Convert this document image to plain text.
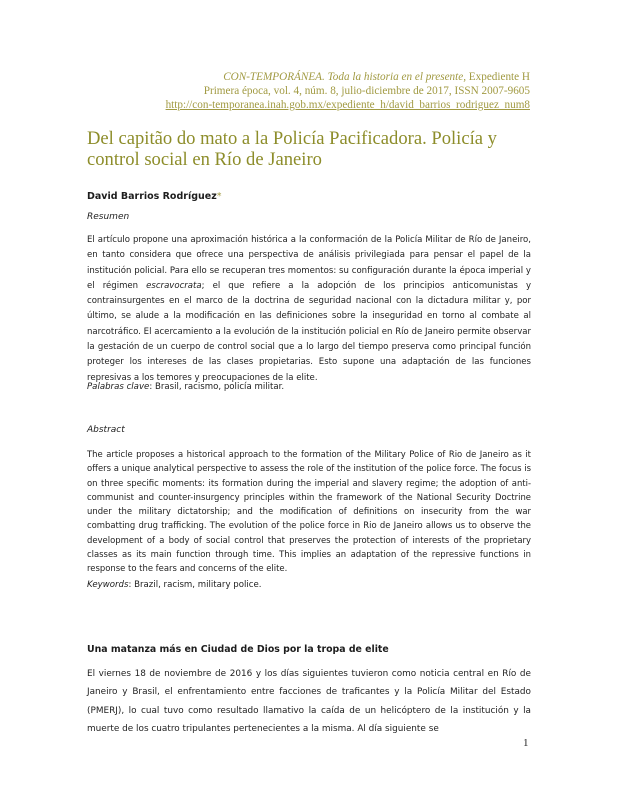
CON-TEMPORÁNEA. Toda la historia en el presente, Expediente H
Primera época, vol. 4, núm. 8, julio-diciembre de 2017, ISSN 2007-9605
http://con-temporanea.inah.gob.mx/expediente_h/david_barrios_rodriguez_num8
Del capitão do mato a la Policía Pacificadora. Policía y control social en Río de Janeiro
David Barrios Rodríguez*
Resumen

El artículo propone una aproximación histórica a la conformación de la Policía Militar de Río de Janeiro, en tanto considera que ofrece una perspectiva de análisis privilegiada para pensar el papel de la institución policial. Para ello se recuperan tres momentos: su configuración durante la época imperial y el régimen escravocrata; el que refiere a la adopción de los principios anticomunistas y contrainsurgentes en el marco de la doctrina de seguridad nacional con la dictadura militar y, por último, se alude a la modificación en las definiciones sobre la inseguridad en torno al combate al narcotráfico. El acercamiento a la evolución de la institución policial en Río de Janeiro permite observar la gestación de un cuerpo de control social que a lo largo del tiempo preserva como principal función proteger los intereses de las clases propietarias. Esto supone una adaptación de las funciones represivas a los temores y preocupaciones de la elite.

Palabras clave: Brasil, racismo, policía militar.
Abstract

The article proposes a historical approach to the formation of the Military Police of Rio de Janeiro as it offers a unique analytical perspective to assess the role of the institution of the police force. The focus is on three specific moments: its formation during the imperial and slavery regime; the adoption of anti-communist and counter-insurgency principles within the framework of the National Security Doctrine under the military dictatorship; and the modification of definitions on insecurity from the war combatting drug trafficking. The evolution of the police force in Rio de Janeiro allows us to observe the development of a body of social control that preserves the protection of interests of the proprietary classes as its main function through time. This implies an adaptation of the repressive functions in response to the fears and concerns of the elite.

Keywords: Brazil, racism, military police.
Una matanza más en Ciudad de Dios por la tropa de elite

El viernes 18 de noviembre de 2016 y los días siguientes tuvieron como noticia central en Río de Janeiro y Brasil, el enfrentamiento entre facciones de traficantes y la Policía Militar del Estado (PMERJ), lo cual tuvo como resultado llamativo la caída de un helicóptero de la institución y la muerte de los cuatro tripulantes pertenecientes a la misma. Al día siguiente se

1
